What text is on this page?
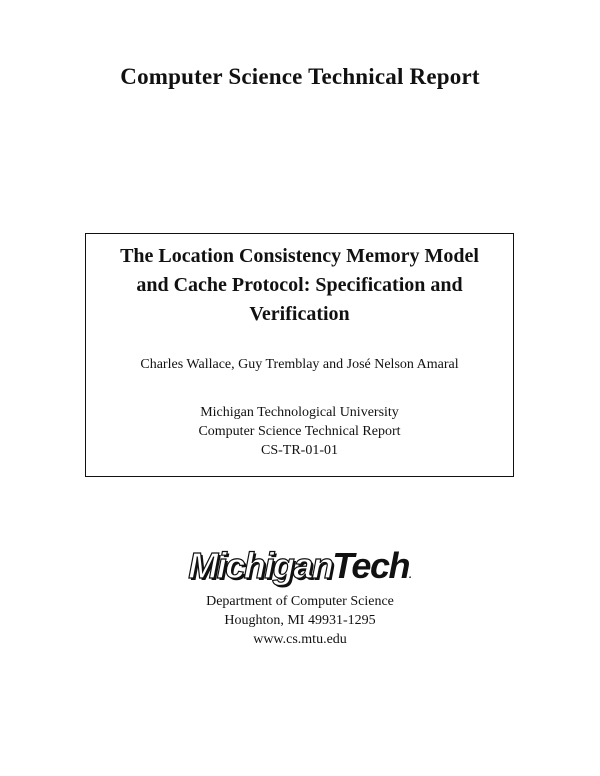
Computer Science Technical Report
The Location Consistency Memory Model
and Cache Protocol: Specification and
Verification
Charles Wallace, Guy Tremblay and José Nelson Amaral
Michigan Technological University
Computer Science Technical Report
CS-TR-01-01
MichiganTech.
Department of Computer Science
Houghton, MI 49931-1295
www.cs.mtu.edu
